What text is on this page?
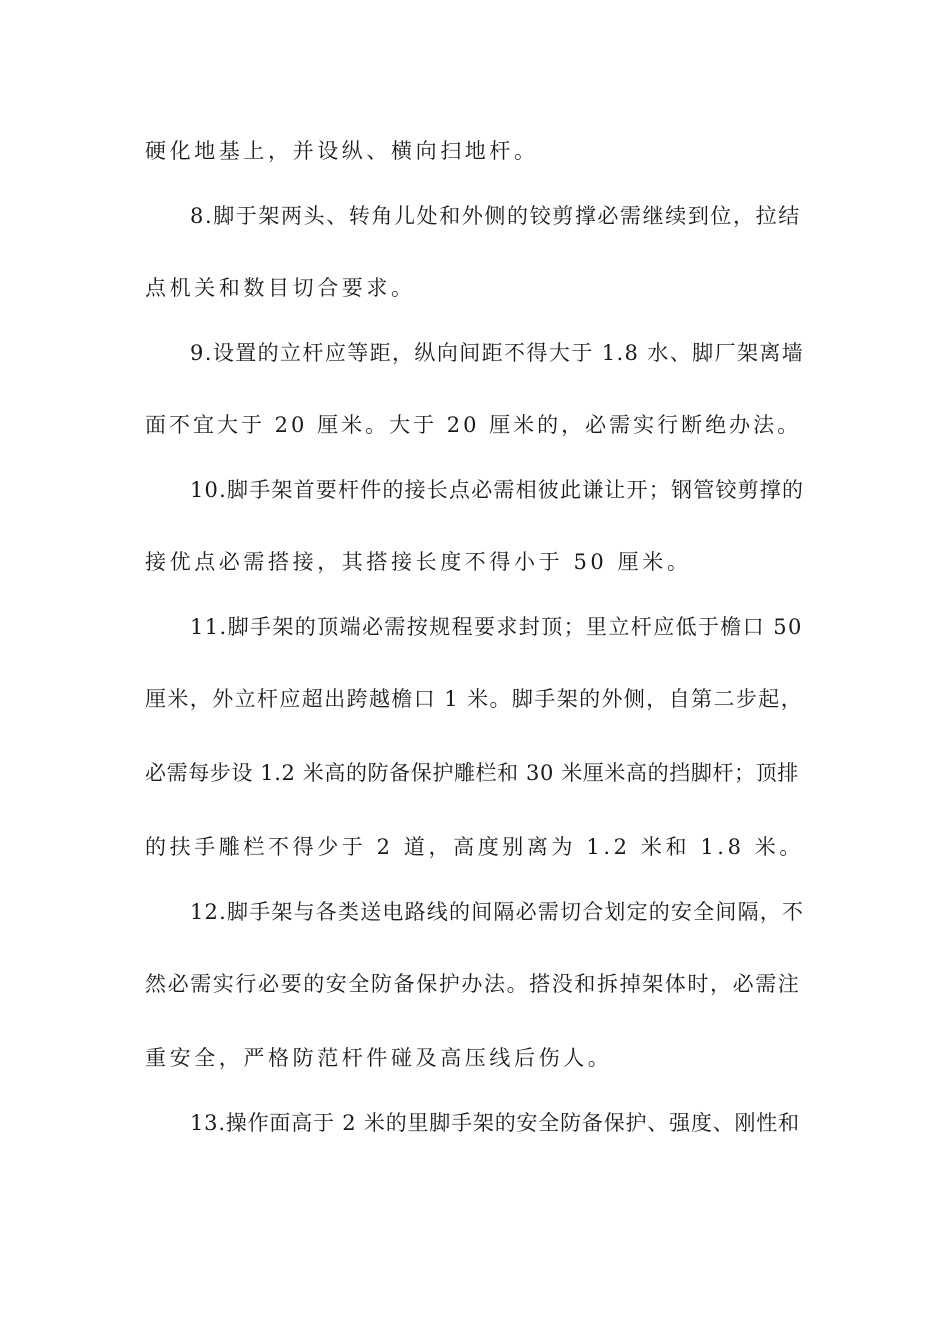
硬化地基上，并设纵、横向扫地杆。
8.脚于架两头、转角儿处和外侧的铰剪撑必需继续到位，拉结
点机关和数目切合要求。
9.设置的立杆应等距，纵向间距不得大于 1.8 水、脚厂架离墙
面不宜大于 20 厘米。大于 20 厘米的，必需实行断绝办法。
10.脚手架首要杆件的接长点必需相彼此谦让开；钢管铰剪撑的
接优点必需搭接，其搭接长度不得小于 50 厘米。
11.脚手架的顶端必需按规程要求封顶；里立杆应低于檐口 50
厘米，外立杆应超出跨越檐口 1 米。脚手架的外侧，自第二步起，
必需每步设 1.2 米高的防备保护雕栏和 30 米厘米高的挡脚杆；顶排
的扶手雕栏不得少于 2 道，高度别离为 1.2 米和 1.8 米。
12.脚手架与各类送电路线的间隔必需切合划定的安全间隔，不
然必需实行必要的安全防备保护办法。搭没和拆掉架体时，必需注
重安全，严格防范杆件碰及高压线后伤人。
13.操作面高于 2 米的里脚手架的安全防备保护、强度、刚性和
